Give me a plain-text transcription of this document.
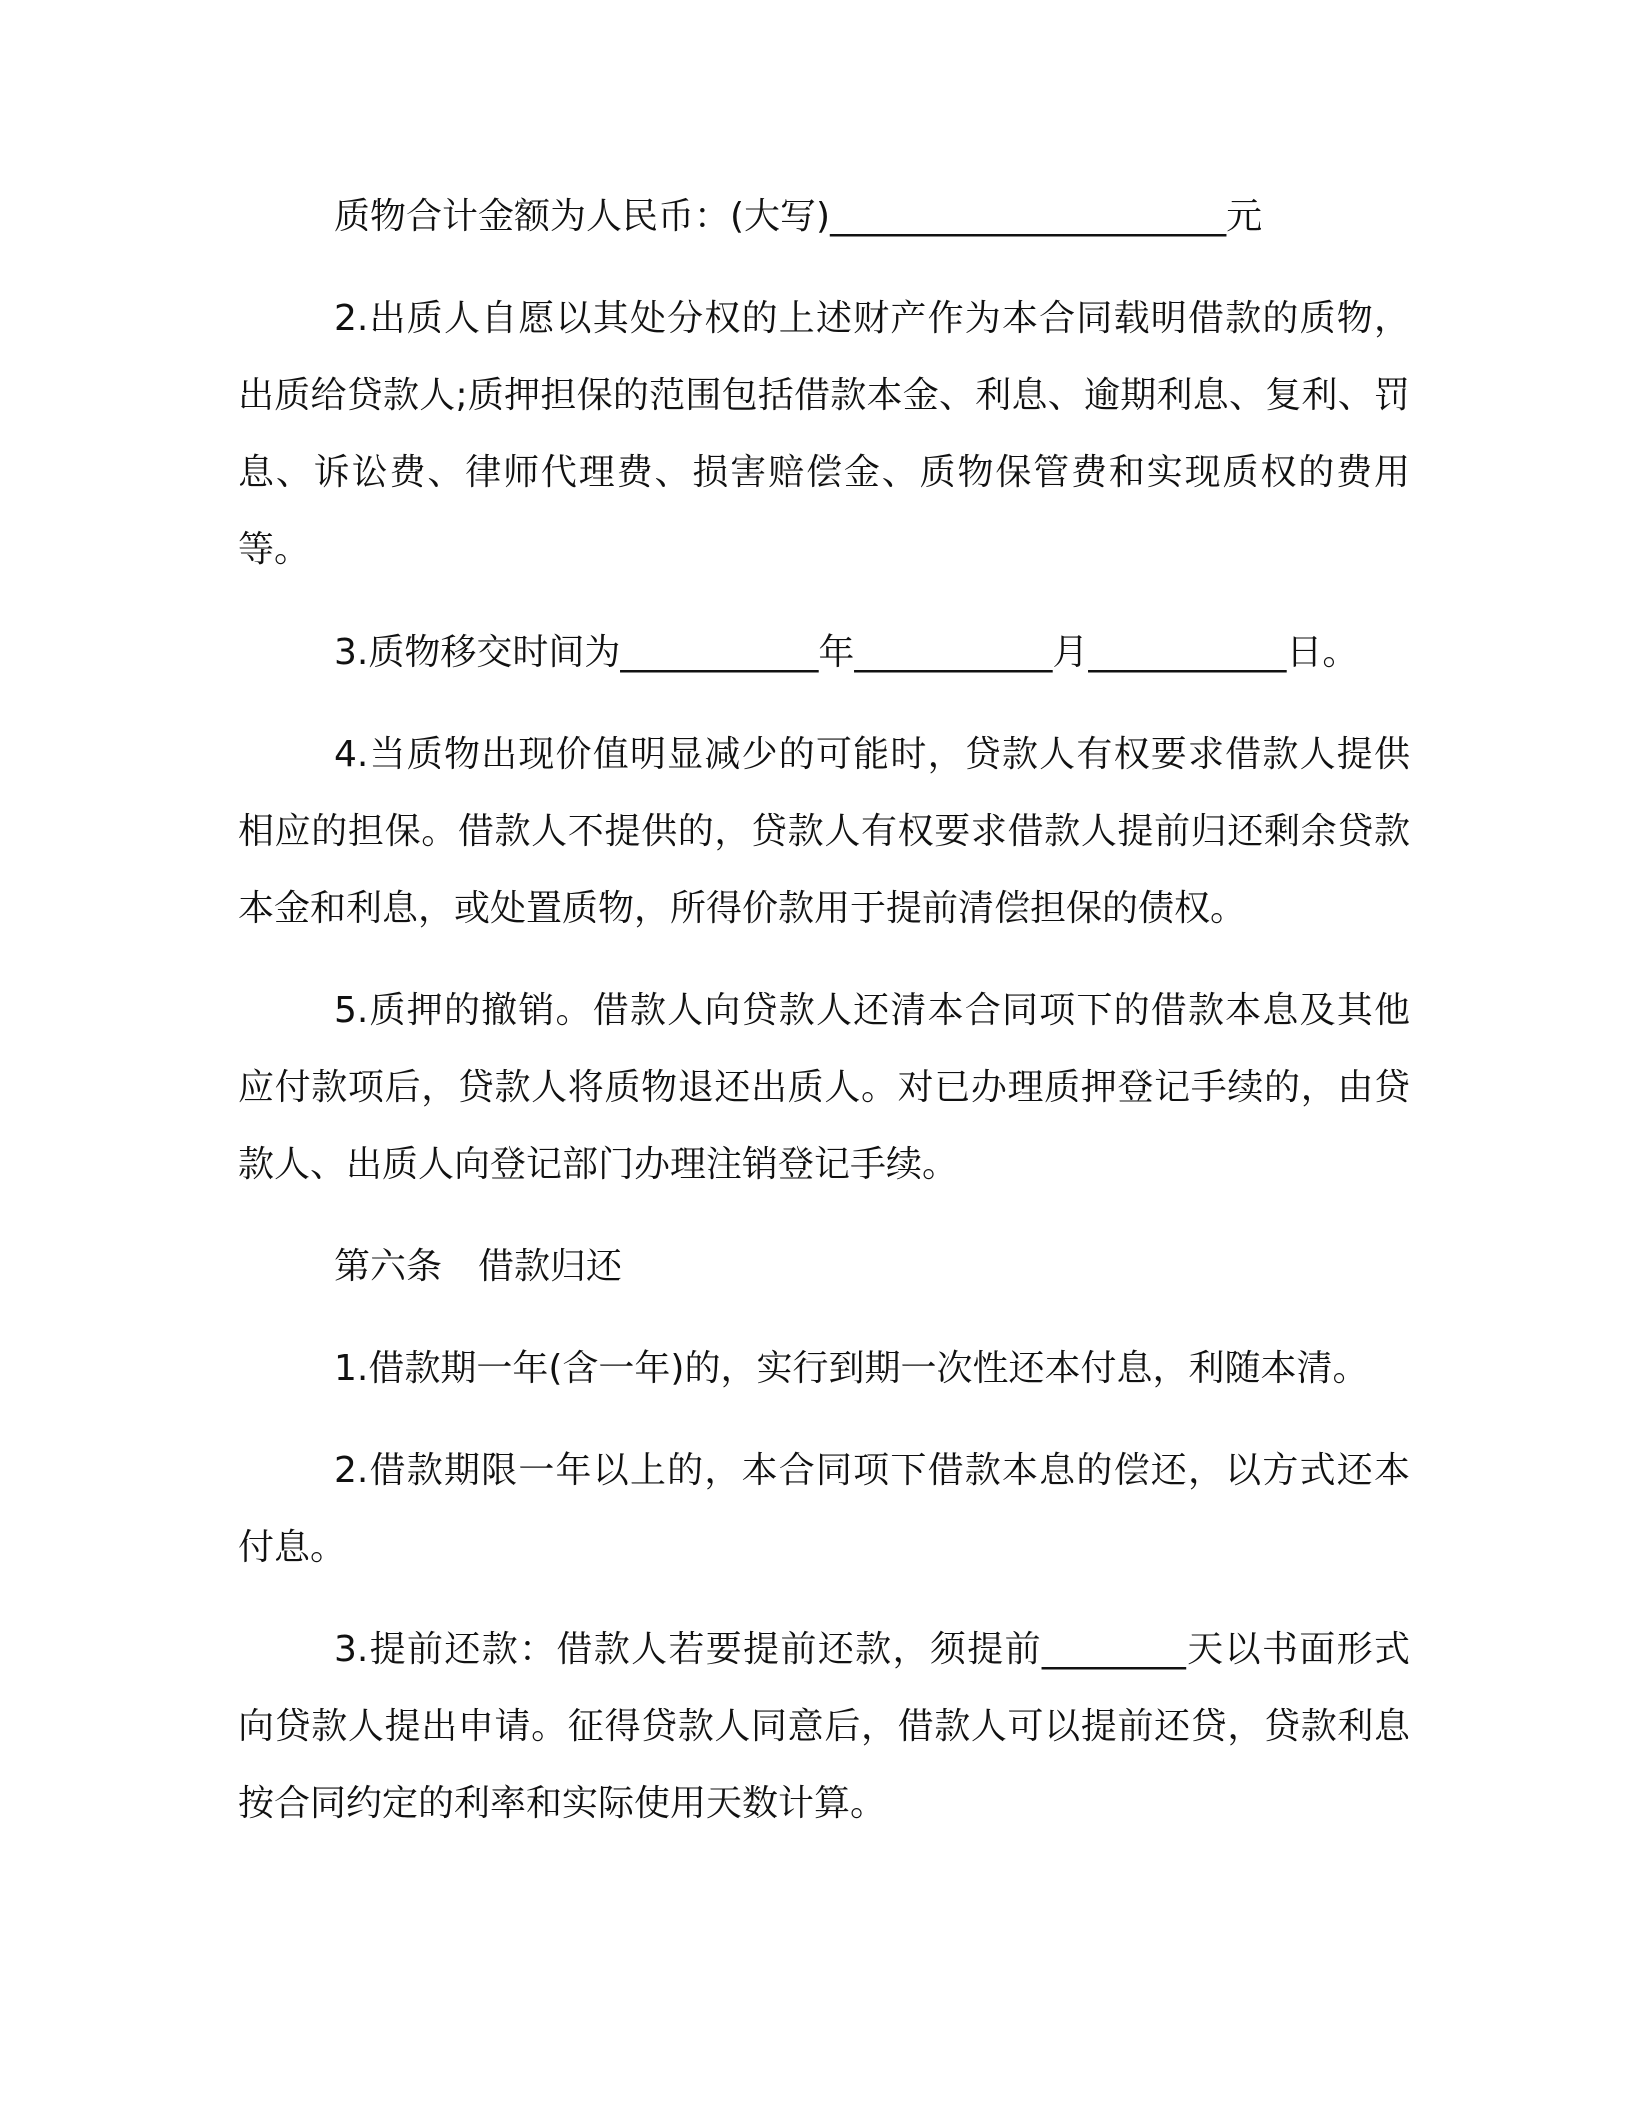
质物合计金额为人民币：(大写)______________________元

2.出质人自愿以其处分权的上述财产作为本合同载明借款的质物，出质给贷款人;质押担保的范围包括借款本金、利息、逾期利息、复利、罚息、诉讼费、律师代理费、损害赔偿金、质物保管费和实现质权的费用等。

3.质物移交时间为___________年___________月___________日。

4.当质物出现价值明显减少的可能时，贷款人有权要求借款人提供相应的担保。借款人不提供的，贷款人有权要求借款人提前归还剩余贷款本金和利息，或处置质物，所得价款用于提前清偿担保的债权。

5.质押的撤销。借款人向贷款人还清本合同项下的借款本息及其他应付款项后，贷款人将质物退还出质人。对已办理质押登记手续的，由贷款人、出质人向登记部门办理注销登记手续。

第六条　借款归还

1.借款期一年(含一年)的，实行到期一次性还本付息，利随本清。

2.借款期限一年以上的，本合同项下借款本息的偿还，以方式还本付息。

3.提前还款：借款人若要提前还款，须提前________天以书面形式向贷款人提出申请。征得贷款人同意后，借款人可以提前还贷，贷款利息按合同约定的利率和实际使用天数计算。
